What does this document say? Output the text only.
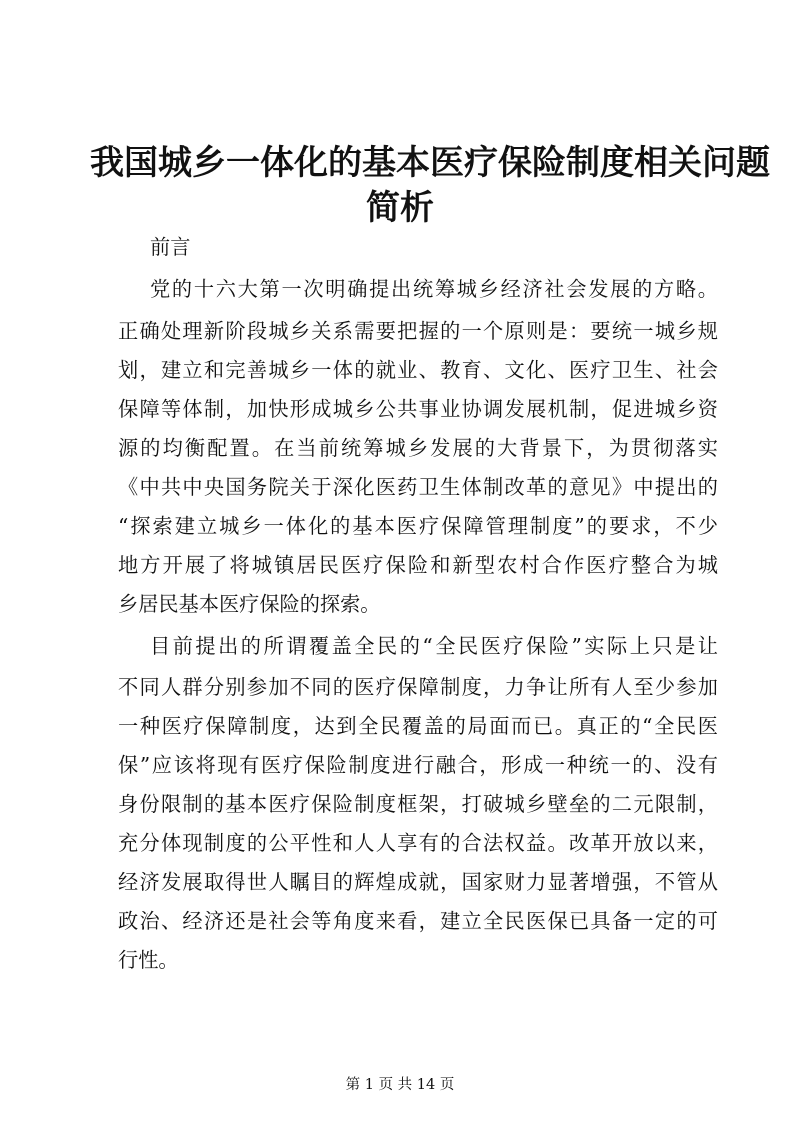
我国城乡一体化的基本医疗保险制度相关问题
简析
前言
党的十六大第一次明确提出统筹城乡经济社会发展的方略。
正确处理新阶段城乡关系需要把握的一个原则是：要统一城乡规
划，建立和完善城乡一体的就业、教育、文化、医疗卫生、社会
保障等体制，加快形成城乡公共事业协调发展机制，促进城乡资
源的均衡配置。在当前统筹城乡发展的大背景下，为贯彻落实
《中共中央国务院关于深化医药卫生体制改革的意见》中提出的
“探索建立城乡一体化的基本医疗保障管理制度”的要求，不少
地方开展了将城镇居民医疗保险和新型农村合作医疗整合为城
乡居民基本医疗保险的探索。
目前提出的所谓覆盖全民的“全民医疗保险”实际上只是让
不同人群分别参加不同的医疗保障制度，力争让所有人至少参加
一种医疗保障制度，达到全民覆盖的局面而已。真正的“全民医
保”应该将现有医疗保险制度进行融合，形成一种统一的、没有
身份限制的基本医疗保险制度框架，打破城乡壁垒的二元限制，
充分体现制度的公平性和人人享有的合法权益。改革开放以来，
经济发展取得世人瞩目的辉煌成就，国家财力显著增强，不管从
政治、经济还是社会等角度来看，建立全民医保已具备一定的可
行性。
第 1 页 共 14 页
